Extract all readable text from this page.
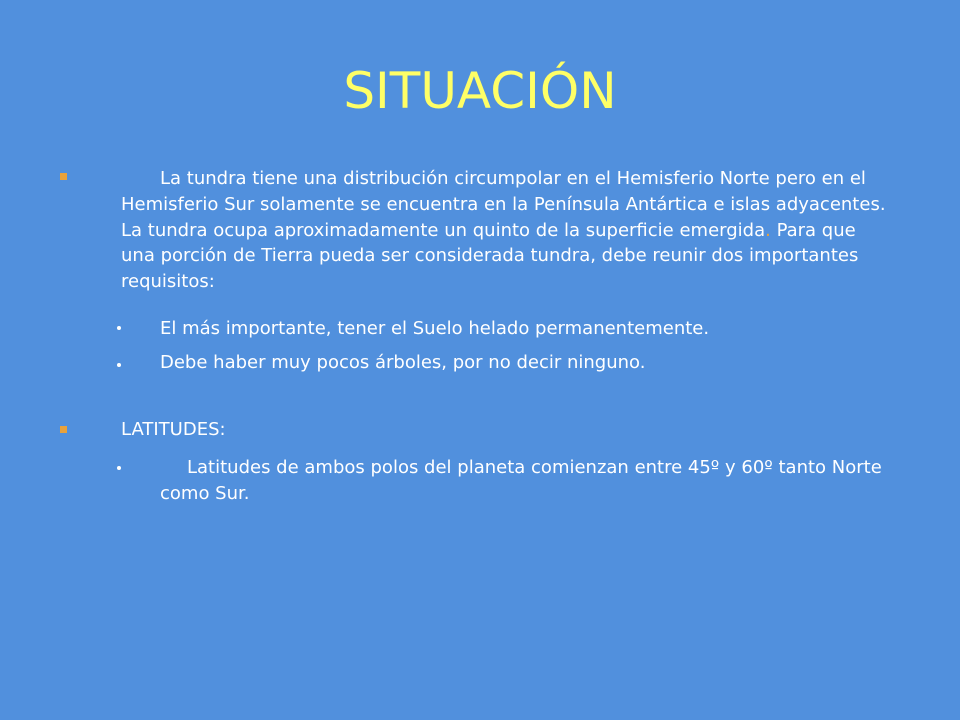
SITUACIÓN

La tundra tiene una distribución circumpolar en el Hemisferio Norte pero en el Hemisferio Sur solamente se encuentra en la Península Antártica e islas adyacentes. La tundra ocupa aproximadamente un quinto de la superficie emergida. Para que una porción de Tierra pueda ser considerada tundra, debe reunir dos importantes requisitos:

El más importante, tener el Suelo helado permanentemente.

Debe haber muy pocos árboles, por no decir ninguno.

LATITUDES:

Latitudes de ambos polos del planeta comienzan entre 45º y 60º tanto Norte como Sur.
